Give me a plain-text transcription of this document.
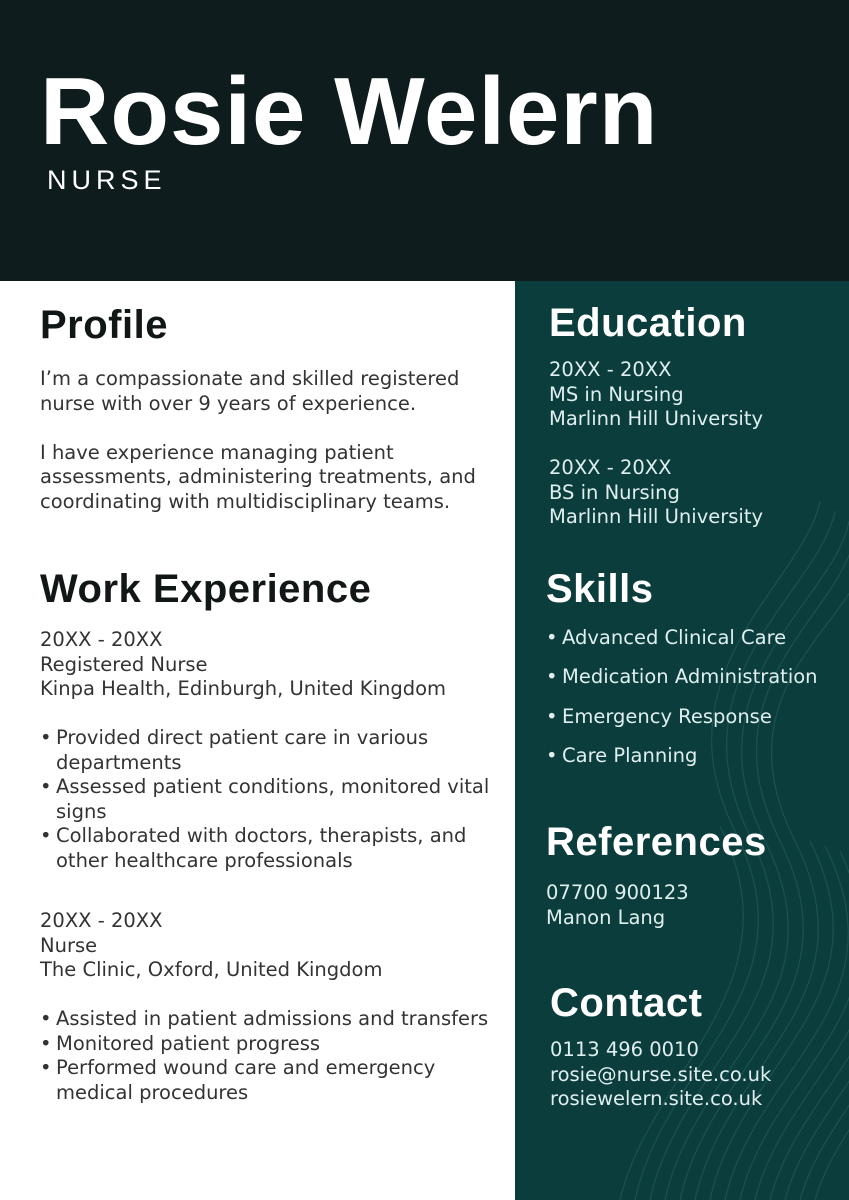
Rosie Welern
NURSE
Profile

I’m a compassionate and skilled registered nurse with over 9 years of experience.

I have experience managing patient assessments, administering treatments, and coordinating with multidisciplinary teams.

Work Experience

20XX - 20XX

Registered Nurse

Kinpa Health, Edinburgh, United Kingdom

• Provided direct patient care in various departments
• Assessed patient conditions, monitored vital signs
• Collaborated with doctors, therapists, and other healthcare professionals

20XX - 20XX

Nurse

The Clinic, Oxford, United Kingdom

• Assisted in patient admissions and transfers
• Monitored patient progress
• Performed wound care and emergency medical procedures
Education

20XX - 20XX

MS in Nursing

Marlinn Hill University

20XX - 20XX

BS in Nursing

Marlinn Hill University

Skills
• Advanced Clinical Care
• Medication Administration
• Emergency Response
• Care Planning
References

07700 900123

Manon Lang

Contact

0113 496 0010

rosie@nurse.site.co.uk

rosiewelern.site.co.uk
